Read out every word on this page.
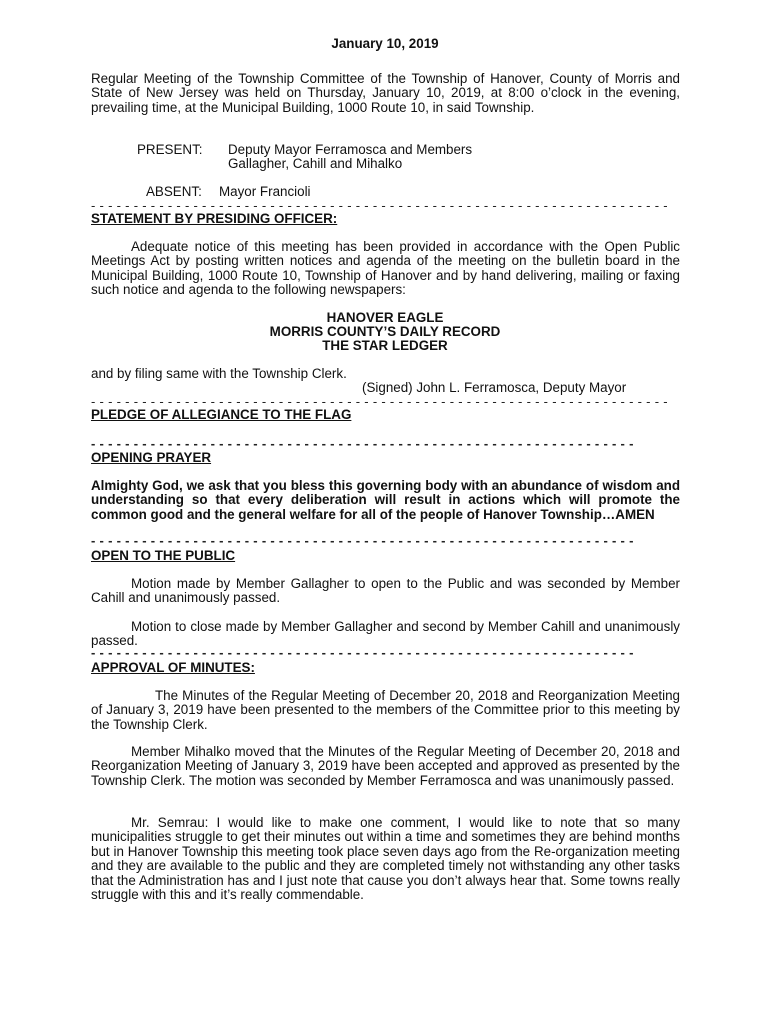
January 10, 2019

Regular Meeting of the Township Committee of the Township of Hanover, County of Morris and State of New Jersey was held on Thursday, January 10, 2019, at 8:00 o’clock in the evening, prevailing time, at the Municipal Building, 1000 Route 10, in said Township.

PRESENT: Deputy Mayor Ferramosca and Members
Gallagher, Cahill and Mihalko
ABSENT: Mayor Francioli
- - - - - - - - - - - - - - - - - - - - - - - - - - - - - - - - - - - - - - - - - - - - - - - - - - - - - - - - - - - - - - - - - - - -
STATEMENT BY PRESIDING OFFICER:

Adequate notice of this meeting has been provided in accordance with the Open Public Meetings Act by posting written notices and agenda of the meeting on the bulletin board in the Municipal Building, 1000 Route 10, Township of Hanover and by hand delivering, mailing or faxing such notice and agenda to the following newspapers:

HANOVER EAGLE
MORRIS COUNTY’S DAILY RECORD
THE STAR LEDGER
and by filing same with the Township Clerk.
(Signed) John L. Ferramosca, Deputy Mayor
- - - - - - - - - - - - - - - - - - - - - - - - - - - - - - - - - - - - - - - - - - - - - - - - - - - - - - - - - - - - - - - - - - - -
PLEDGE OF ALLEGIANCE TO THE FLAG
- - - - - - - - - - - - - - - - - - - - - - - - - - - - - - - - - - - - - - - - - - - - - - - - - - - - - - - - - - - - - - - -
OPENING PRAYER

Almighty God, we ask that you bless this governing body with an abundance of wisdom and understanding so that every deliberation will result in actions which will promote the common good and the general welfare for all of the people of Hanover Township…AMEN

- - - - - - - - - - - - - - - - - - - - - - - - - - - - - - - - - - - - - - - - - - - - - - - - - - - - - - - - - - - - - - - -
OPEN TO THE PUBLIC

Motion made by Member Gallagher to open to the Public and was seconded by Member Cahill and unanimously passed.

Motion to close made by Member Gallagher and second by Member Cahill and unanimously passed.

- - - - - - - - - - - - - - - - - - - - - - - - - - - - - - - - - - - - - - - - - - - - - - - - - - - - - - - - - - - - - - - -
APPROVAL OF MINUTES:

The Minutes of the Regular Meeting of December 20, 2018 and Reorganization Meeting of January 3, 2019 have been presented to the members of the Committee prior to this meeting by the Township Clerk.

Member Mihalko moved that the Minutes of the Regular Meeting of December 20, 2018 and Reorganization Meeting of January 3, 2019 have been accepted and approved as presented by the Township Clerk. The motion was seconded by Member Ferramosca and was unanimously passed.

Mr. Semrau: I would like to make one comment, I would like to note that so many municipalities struggle to get their minutes out within a time and sometimes they are behind months but in Hanover Township this meeting took place seven days ago from the Re-organization meeting and they are available to the public and they are completed timely not withstanding any other tasks that the Administration has and I just note that cause you don’t always hear that. Some towns really struggle with this and it’s really commendable.
